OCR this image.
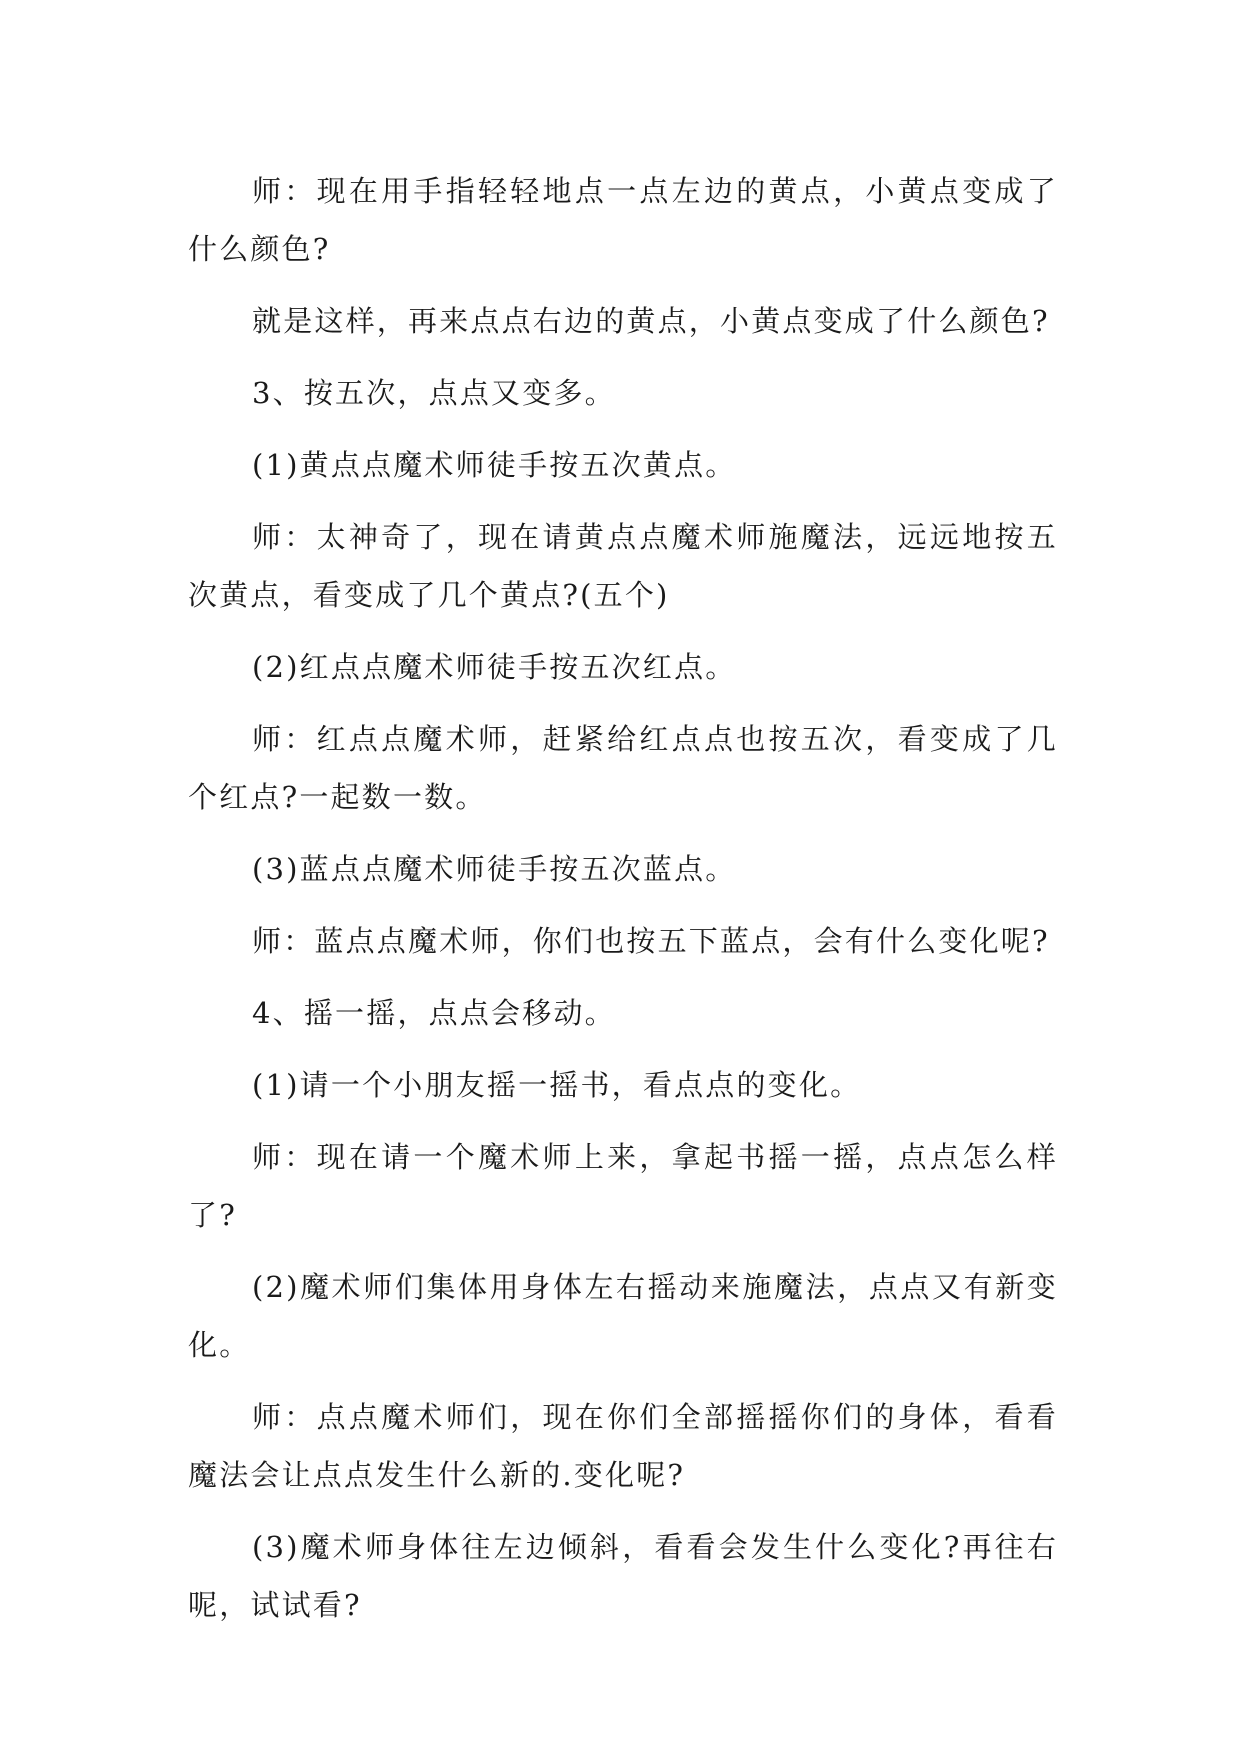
师：现在用手指轻轻地点一点左边的黄点，小黄点变成了什么颜色?

就是这样，再来点点右边的黄点，小黄点变成了什么颜色?

3、按五次，点点又变多。

(1)黄点点魔术师徒手按五次黄点。

师：太神奇了，现在请黄点点魔术师施魔法，远远地按五次黄点，看变成了几个黄点?(五个)

(2)红点点魔术师徒手按五次红点。

师：红点点魔术师，赶紧给红点点也按五次，看变成了几个红点?一起数一数。

(3)蓝点点魔术师徒手按五次蓝点。

师：蓝点点魔术师，你们也按五下蓝点，会有什么变化呢?

4、摇一摇，点点会移动。

(1)请一个小朋友摇一摇书，看点点的变化。

师：现在请一个魔术师上来，拿起书摇一摇，点点怎么样了?

(2)魔术师们集体用身体左右摇动来施魔法，点点又有新变化。

师：点点魔术师们，现在你们全部摇摇你们的身体，看看魔法会让点点发生什么新的.变化呢?

(3)魔术师身体往左边倾斜，看看会发生什么变化?再往右呢，试试看?
